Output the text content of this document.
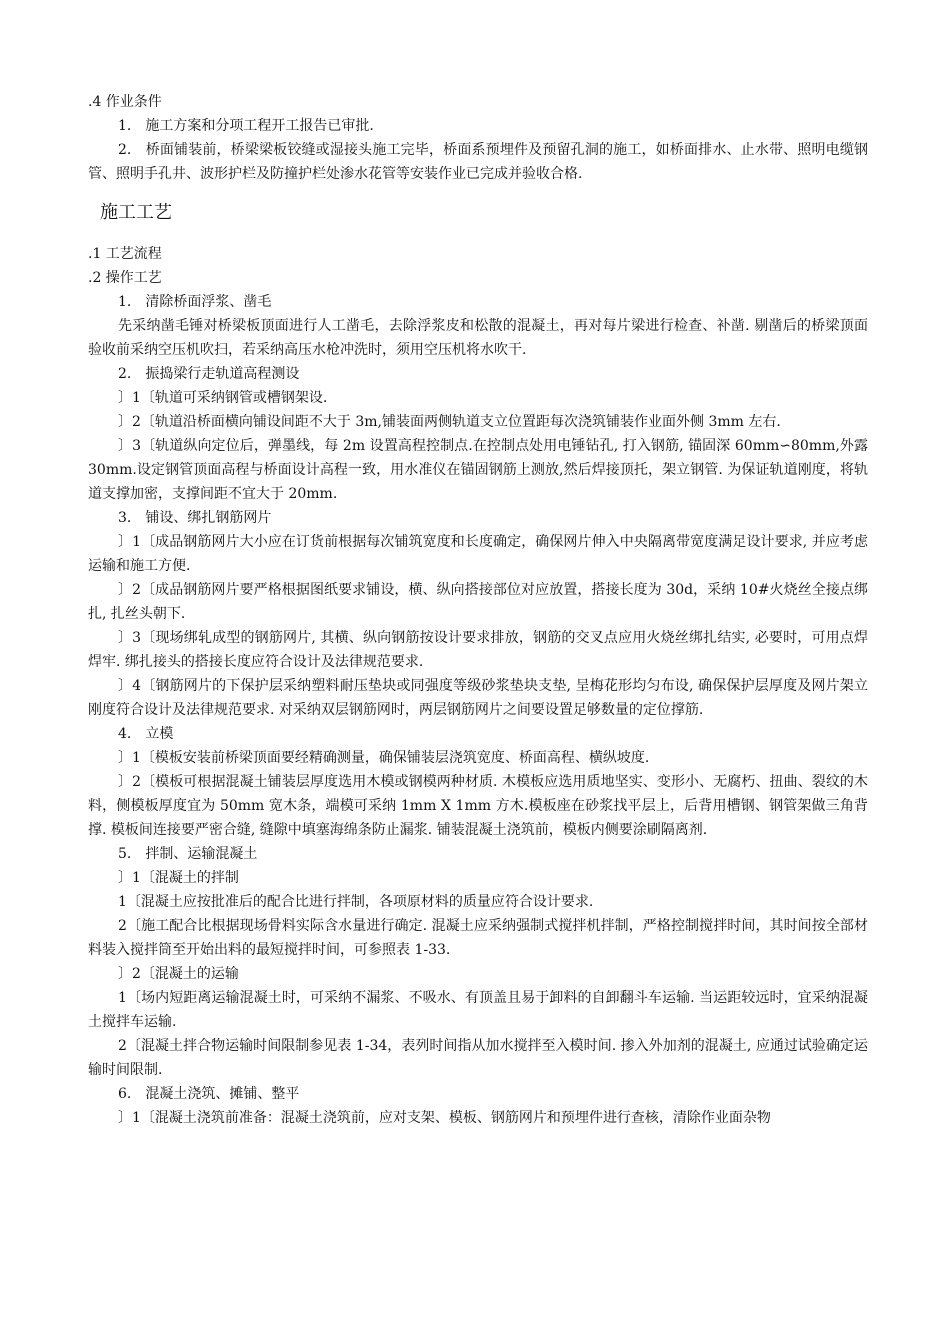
.4 作业条件

1.　施工方案和分项工程开工报告已审批.

2.　桥面铺装前，桥梁梁板铰缝或湿接头施工完毕，桥面系预埋件及预留孔洞的施工，如桥面排水、止水带、照明电缆钢管、照明手孔井、波形护栏及防撞护栏处渗水花管等安装作业已完成并验收合格.

施工工艺

.1 工艺流程

.2 操作工艺

1.　清除桥面浮浆、凿毛

先采纳凿毛锤对桥梁板顶面进行人工凿毛，去除浮浆皮和松散的混凝土，再对每片梁进行检查、补凿. 剔凿后的桥梁顶面验收前采纳空压机吹扫，若采纳高压水枪冲洗时，须用空压机将水吹干.

2.　振捣梁行走轨道高程测设

〕1〔轨道可采纳钢管或槽钢架设.

〕2〔轨道沿桥面横向铺设间距不大于 3m,铺装面两侧轨道支立位置距每次浇筑铺装作业面外侧 3mm 左右.

〕3〔轨道纵向定位后，弹墨线，每 2m 设置高程控制点.在控制点处用电锤钻孔, 打入钢筋, 锚固深 60mm∽80mm,外露 30mm.设定钢管顶面高程与桥面设计高程一致，用水准仪在锚固钢筋上测放,然后焊接顶托，架立钢管. 为保证轨道刚度，将轨道支撑加密，支撑间距不宜大于 20mm.

3.　铺设、绑扎钢筋网片

〕1〔成品钢筋网片大小应在订货前根据每次铺筑宽度和长度确定，确保网片伸入中央隔离带宽度满足设计要求, 并应考虑运输和施工方便.

〕2〔成品钢筋网片要严格根据图纸要求铺设，横、纵向搭接部位对应放置，搭接长度为 30d，采纳 10#火烧丝全接点绑扎, 扎丝头朝下.

〕3〔现场绑轧成型的钢筋网片, 其横、纵向钢筋按设计要求排放，钢筋的交叉点应用火烧丝绑扎结实, 必要时，可用点焊焊牢. 绑扎接头的搭接长度应符合设计及法律规范要求.

〕4〔钢筋网片的下保护层采纳塑料耐压垫块或同强度等级砂浆垫块支垫, 呈梅花形均匀布设, 确保保护层厚度及网片架立刚度符合设计及法律规范要求. 对采纳双层钢筋网时，两层钢筋网片之间要设置足够数量的定位撑筋.

4.　立模

〕1〔模板安装前桥梁顶面要经精确测量，确保铺装层浇筑宽度、桥面高程、横纵坡度.

〕2〔模板可根据混凝土铺装层厚度选用木模或钢模两种材质. 木模板应选用质地坚实、变形小、无腐朽、扭曲、裂纹的木料，侧模板厚度宜为 50mm 宽木条，端模可采纳 1mm X 1mm 方木.模板座在砂浆找平层上，后背用槽钢、钢管架做三角背撑. 模板间连接要严密合缝, 缝隙中填塞海绵条防止漏浆. 铺装混凝土浇筑前，模板内侧要涂刷隔离剂.

5.　拌制、运输混凝土

〕1〔混凝土的拌制

1〔混凝土应按批准后的配合比进行拌制，各项原材料的质量应符合设计要求.

2〔施工配合比根据现场骨料实际含水量进行确定. 混凝土应采纳强制式搅拌机拌制，严格控制搅拌时间，其时间按全部材料装入搅拌筒至开始出料的最短搅拌时间，可参照表 1-33.

〕2〔混凝土的运输

1〔场内短距离运输混凝土时，可采纳不漏浆、不吸水、有顶盖且易于卸料的自卸翻斗车运输. 当运距较远时，宜采纳混凝土搅拌车运输.

2〔混凝土拌合物运输时间限制参见表 1-34，表列时间指从加水搅拌至入模时间. 掺入外加剂的混凝土, 应通过试验确定运输时间限制.

6.　混凝土浇筑、摊铺、整平

〕1〔混凝土浇筑前准备：混凝土浇筑前，应对支架、模板、钢筋网片和预埋件进行查核，清除作业面杂物
